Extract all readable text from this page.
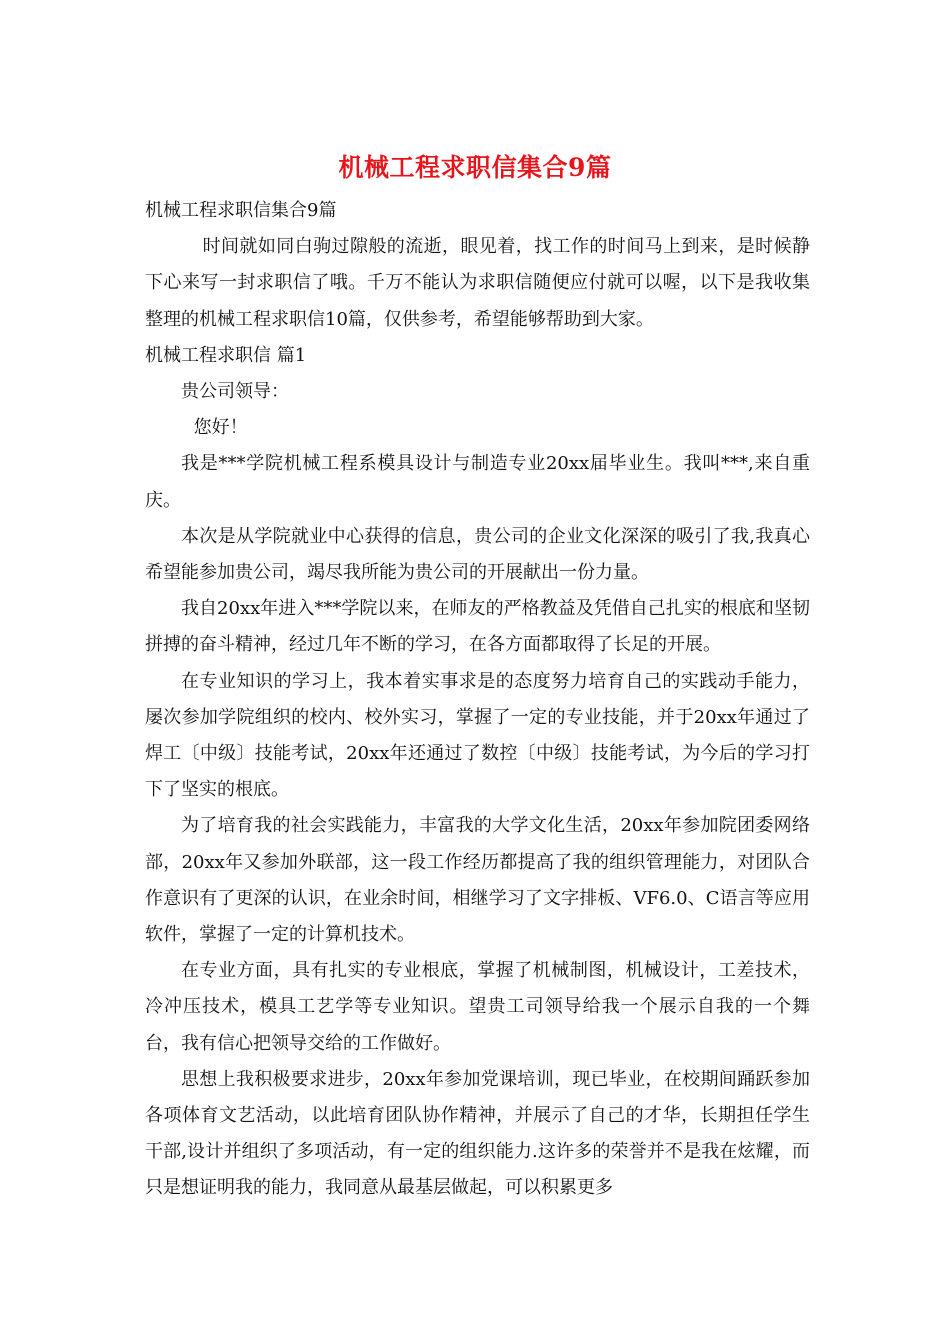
机械工程求职信集合9篇

机械工程求职信集合9篇

时间就如同白驹过隙般的流逝，眼见着，找工作的时间马上到来，是时候静下心来写一封求职信了哦。千万不能认为求职信随便应付就可以喔，以下是我收集整理的机械工程求职信10篇，仅供参考，希望能够帮助到大家。

机械工程求职信 篇1

贵公司领导：

您好！

我是***学院机械工程系模具设计与制造专业20xx届毕业生。我叫***,来自重庆。

本次是从学院就业中心获得的信息，贵公司的企业文化深深的吸引了我,我真心希望能参加贵公司，竭尽我所能为贵公司的开展献出一份力量。

我自20xx年进入***学院以来，在师友的严格教益及凭借自己扎实的根底和坚韧拼搏的奋斗精神，经过几年不断的学习，在各方面都取得了长足的开展。

在专业知识的学习上，我本着实事求是的态度努力培育自己的实践动手能力，屡次参加学院组织的校内、校外实习，掌握了一定的专业技能，并于20xx年通过了焊工〔中级〕技能考试，20xx年还通过了数控〔中级〕技能考试，为今后的学习打下了坚实的根底。

为了培育我的社会实践能力，丰富我的大学文化生活，20xx年参加院团委网络部，20xx年又参加外联部，这一段工作经历都提高了我的组织管理能力，对团队合作意识有了更深的认识，在业余时间，相继学习了文字排板、VF6.0、C语言等应用软件，掌握了一定的计算机技术。

在专业方面，具有扎实的专业根底，掌握了机械制图，机械设计，工差技术，冷冲压技术，模具工艺学等专业知识。望贵工司领导给我一个展示自我的一个舞台，我有信心把领导交给的工作做好。

思想上我积极要求进步，20xx年参加党课培训，现已毕业，在校期间踊跃参加各项体育文艺活动，以此培育团队协作精神，并展示了自己的才华，长期担任学生干部,设计并组织了多项活动，有一定的组织能力.这许多的荣誉并不是我在炫耀，而只是想证明我的能力，我同意从最基层做起，可以积累更多
